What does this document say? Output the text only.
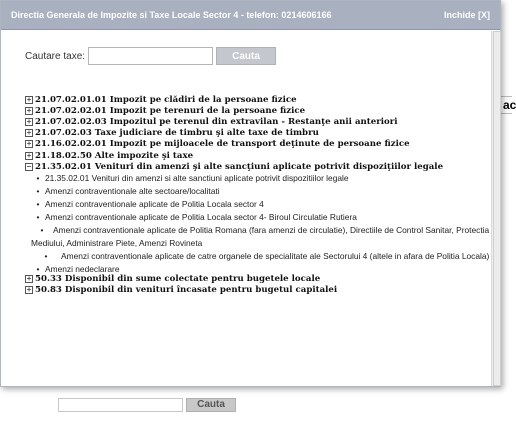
ac
Cauta
Directia Generala de Impozite si Taxe Locale Sector 4 - telefon: 0214606166	Inchide [X]
Cautare taxe:	Cauta
+ 21.07.02.01.01 Impozit pe clădiri de la persoane fizice
+ 21.07.02.02.01 Impozit pe terenuri de la persoane fizice
+ 21.07.02.02.03 Impozitul pe terenul din extravilan - Restanţe anii anteriori
+ 21.07.02.03 Taxe judiciare de timbru şi alte taxe de timbru
+ 21.16.02.02.01 Impozit pe mijloacele de transport deţinute de persoane fizice
+ 21.18.02.50 Alte impozite şi taxe
− 21.35.02.01 Venituri din amenzi şi alte sancţiuni aplicate potrivit dispoziţiilor legale
• 21.35.02.01 Venituri din amenzi si alte sanctiuni aplicate potrivit dispozitiilor legale
• Amenzi contraventionale alte sectoare/localitati
• Amenzi contraventionale aplicate de Politia Locala sector 4
• Amenzi contraventionale aplicate de Politia Locala sector 4- Biroul Circulatie Rutiera
• Amenzi contraventionale aplicate de Politia Romana (fara amenzi de circulatie), Directiile de Control Sanitar, Protectia Mediului, Administrare Piete, Amenzi Rovineta
• Amenzi contraventionale aplicate de catre organele de specialitate ale Sectorului 4 (altele in afara de Politia Locala)
• Amenzi nedeclarare
+ 50.33 Disponibil din sume colectate pentru bugetele locale
+ 50.83 Disponibil din venituri încasate pentru bugetul capitalei
